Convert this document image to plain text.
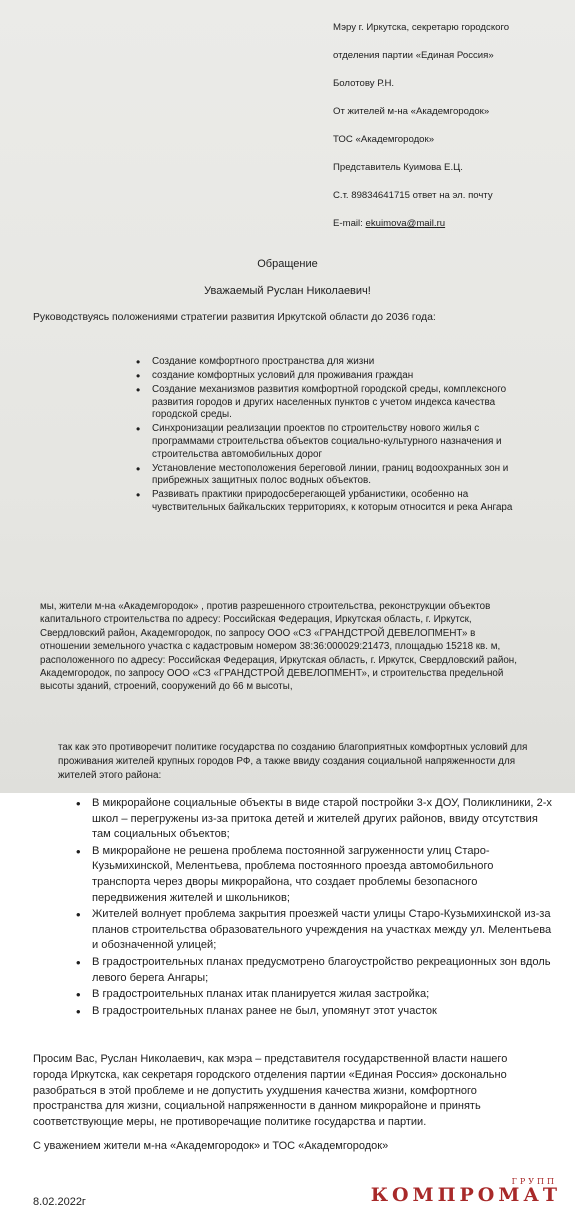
Мэру г. Иркутска, секретарю городского
отделения партии «Единая Россия»
Болотову Р.Н.
От жителей м-на «Академгородок»
ТОС «Академгородок»
Представитель Куимова Е.Ц.
С.т. 89834641715 ответ на эл. почту
E-mail: ekuimova@mail.ru
Обращение
Уважаемый Руслан Николаевич!
Руководствуясь положениями стратегии развития Иркутской области до 2036 года:
• Создание комфортного пространства для жизни
• создание комфортных условий для проживания граждан
• Создание механизмов развития комфортной городской среды, комплексного развития городов и других населенных пунктов с учетом индекса качества городской среды.
• Синхронизации реализации проектов по строительству нового жилья с программами строительства объектов социально-культурного назначения и строительства автомобильных дорог
• Установление местоположения береговой линии, границ водоохранных зон и прибрежных защитных полос водных объектов.
• Развивать практики природосберегающей урбанистики, особенно на чувствительных байкальских территориях, к которым относится и река Ангара
мы, жители м-на «Академгородок» , против разрешенного строительства, реконструкции объектов капитального строительства по адресу: Российская Федерация, Иркутская область, г. Иркутск, Свердловский район, Академгородок, по запросу ООО «СЗ «ГРАНДСТРОЙ ДЕВЕЛОПМЕНТ» в отношении земельного участка с кадастровым номером 38:36:000029:21473, площадью 15218 кв. м, расположенного по адресу: Российская Федерация, Иркутская область, г. Иркутск, Свердловский район, Академгородок, по запросу ООО «СЗ «ГРАНДСТРОЙ ДЕВЕЛОПМЕНТ», и строительства предельной высоты зданий, строений, сооружений до 66 м высоты,
так как это противоречит политике государства по созданию благоприятных комфортных условий для проживания жителей крупных городов РФ, а также ввиду создания социальной напряженности для жителей этого района:
• В микрорайоне социальные объекты в виде старой постройки 3-х ДОУ, Поликлиники, 2-х школ – перегружены из-за притока детей и жителей других районов, ввиду отсутствия там социальных объектов;
• В микрорайоне не решена проблема постоянной загруженности улиц Старо-Кузьмихинской, Мелентьева, проблема постоянного проезда автомобильного транспорта через дворы микрорайона, что создает проблемы безопасного передвижения жителей и школьников;
• Жителей волнует проблема закрытия проезжей части улицы Старо-Кузьмихинской из-за планов строительства образовательного учреждения на участках между ул. Мелентьева и обозначенной улицей;
• В градостроительных планах предусмотрено благоустройство рекреационных зон вдоль левого берега Ангары;
• В градостроительных планах итак планируется жилая застройка;
• В градостроительных планах ранее не был, упомянут этот участок
Просим Вас, Руслан Николаевич, как мэра – представителя государственной власти нашего города Иркутска, как секретаря городского отделения партии «Единая Россия» досконально разобраться в этой проблеме и не допустить ухудшения качества жизни, комфортного пространства для жизни, социальной напряженности в данном микрорайоне и принять соответствующие меры, не противоречащие политике государства и партии.
С уважением жители м-на «Академгородок» и ТОС «Академгородок»
8.02.2022г
ГРУПП
КОМПРОМАТ
